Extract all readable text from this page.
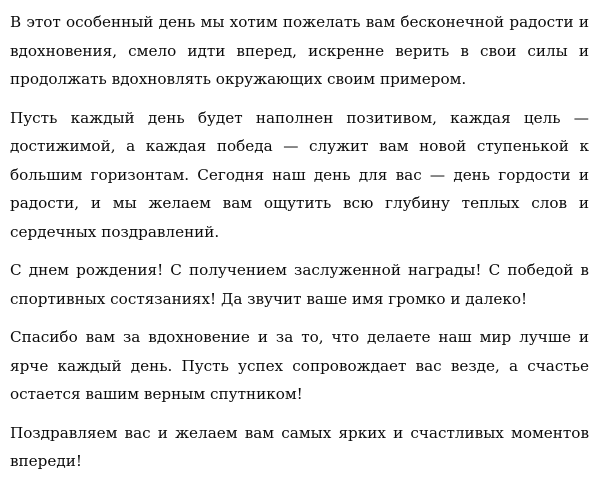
В этот особенный день мы хотим пожелать вам бесконечной радости и вдохновения, смело идти вперед, искренне верить в свои силы и продолжать вдохновлять окружающих своим примером.

Пусть каждый день будет наполнен позитивом, каждая цель — достижимой, а каждая победа — служит вам новой ступенькой к большим горизонтам. Сегодня наш день для вас — день гордости и радости, и мы желаем вам ощутить всю глубину теплых слов и сердечных поздравлений.

С днем рождения! С получением заслуженной награды! С победой в спортивных состязаниях! Да звучит ваше имя громко и далеко!

Спасибо вам за вдохновение и за то, что делаете наш мир лучше и ярче каждый день. Пусть успех сопровождает вас везде, а счастье остается вашим верным спутником!

Поздравляем вас и желаем вам самых ярких и счастливых моментов впереди!
